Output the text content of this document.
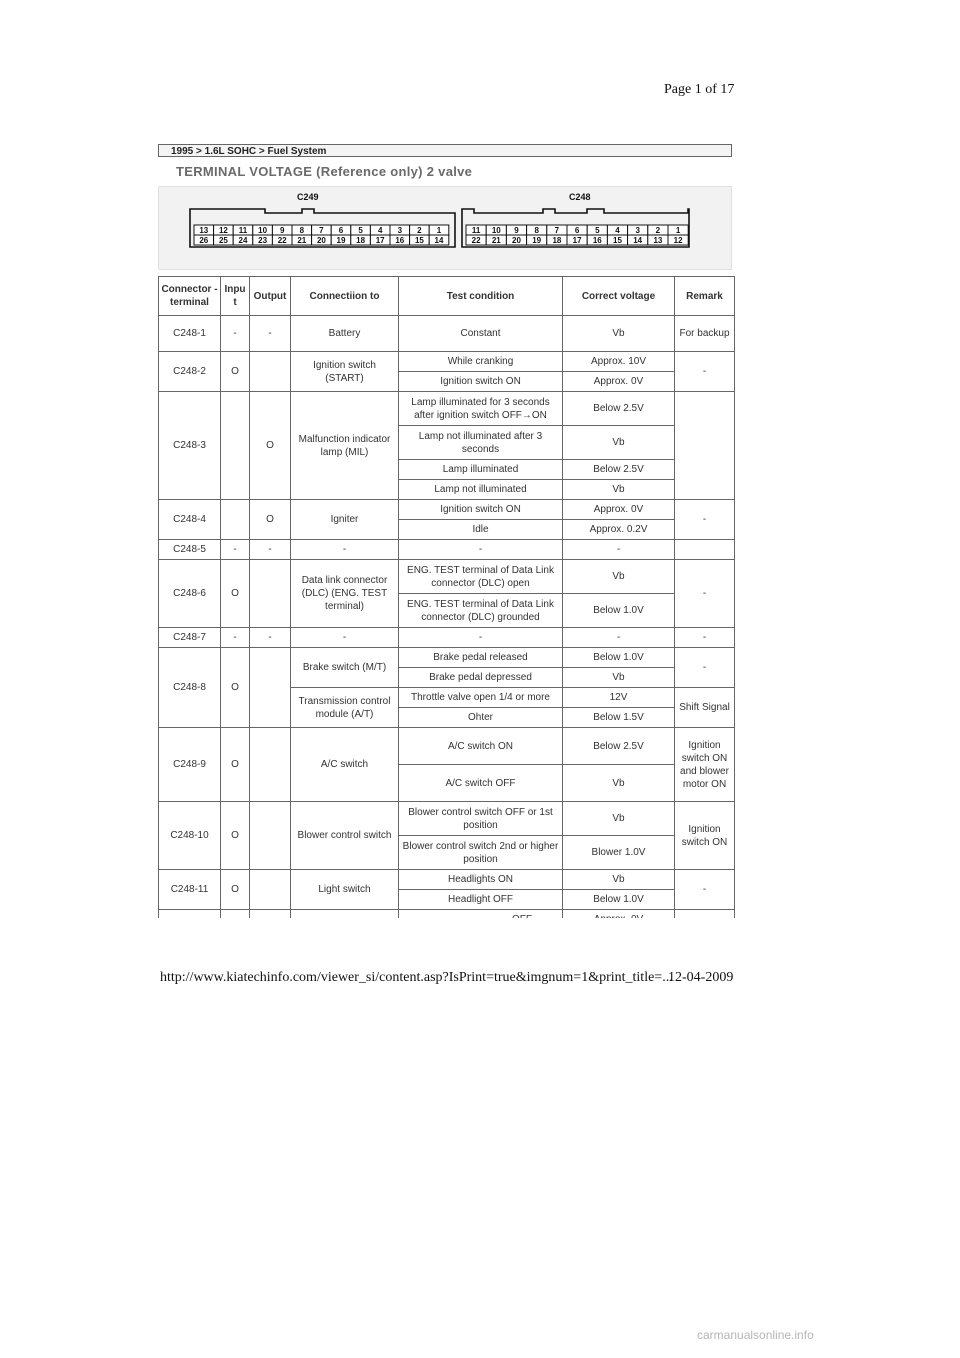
Page 1 of 17
1995 > 1.6L SOHC > Fuel System
TERMINAL VOLTAGE (Reference only) 2 valve
C249	C248
13 12 11 10 9 8 7 6 5 4 3 2 1
26 25 24 23 22 21 20 19 18 17 16 15 14
11 10 9 8 7 6 5 4 3 2 1
22 21 20 19 18 17 16 15 14 13 12
Connector - terminal	Input	Output	Connectiion to	Test condition	Correct voltage	Remark
C248-1	-	-	Battery	Constant	Vb	For backup
C248-2	O		Ignition switch (START)	While cranking	Approx. 10V	-
				Ignition switch ON	Approx. 0V	
C248-3		O	Malfunction indicator lamp (MIL)	Lamp illuminated for 3 seconds after ignition switch OFF→ON	Below 2.5V	
				Lamp not illuminated after 3 seconds	Vb	
				Lamp illuminated	Below 2.5V	
				Lamp not illuminated	Vb	
C248-4		O	Igniter	Ignition switch ON	Approx. 0V	-
				Idle	Approx. 0.2V	
C248-5	-	-	-	-	-	
C248-6	O		Data link connector (DLC) (ENG. TEST terminal)	ENG. TEST terminal of Data Link connector (DLC) open	Vb	-
				ENG. TEST terminal of Data Link connector (DLC) grounded	Below 1.0V	
C248-7	-	-	-	-	-	-
C248-8	O		Brake switch (M/T)	Brake pedal released	Below 1.0V	-
				Brake pedal depressed	Vb	
			Transmission control module (A/T)	Throttle valve open 1/4 or more	12V	Shift Signal
				Ohter	Below 1.5V	
C248-9	O		A/C switch	A/C switch ON	Below 2.5V	Ignition switch ON and blower motor ON
				A/C switch OFF	Vb	
C248-10	O		Blower control switch	Blower control switch OFF or 1st position	Vb	Ignition switch ON
				Blower control switch 2nd or higher position	Blower 1.0V	
C248-11	O		Light switch	Headlights ON	Vb	-
				Headlight OFF	Below 1.0V	

http://www.kiatechinfo.com/viewer_si/content.asp?IsPrint=true&imgnum=1&print_title=...
12-04-2009
carmanualsonline.info
